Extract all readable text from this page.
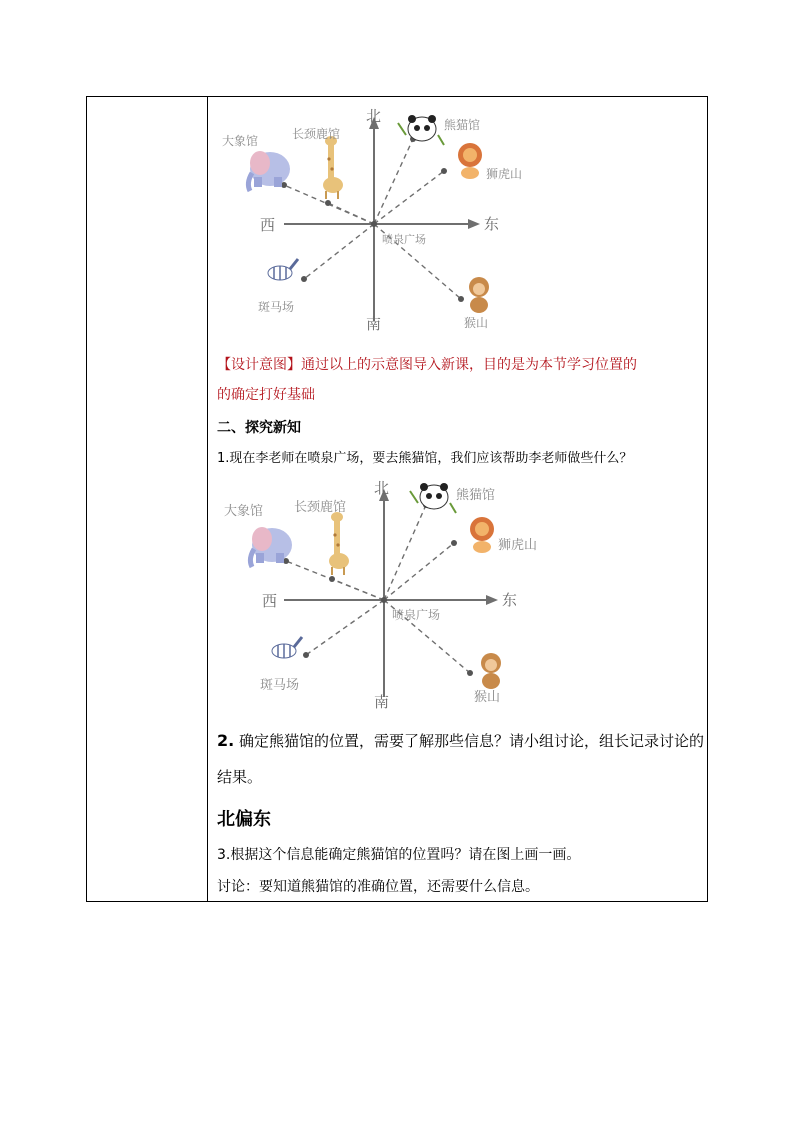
北
南
东
西
大象馆	长颈鹿馆
熊猫馆
狮虎山
喷泉广场
斑马场
猴山
【设计意图】通过以上的示意图导入新课，目的是为本节学习位置的
的确定打好基础
二、探究新知
1.现在李老师在喷泉广场，要去熊猫馆，我们应该帮助李老师做些什么？
北
南
东
西
大象馆 长颈鹿馆
熊猫馆
狮虎山
喷泉广场
斑马场
猴山
2. 确定熊猫馆的位置，需要了解那些信息？请小组讨论，组长记录讨论的结果。
北偏东
3.根据这个信息能确定熊猫馆的位置吗？请在图上画一画。
讨论：要知道熊猫馆的准确位置，还需要什么信息。
